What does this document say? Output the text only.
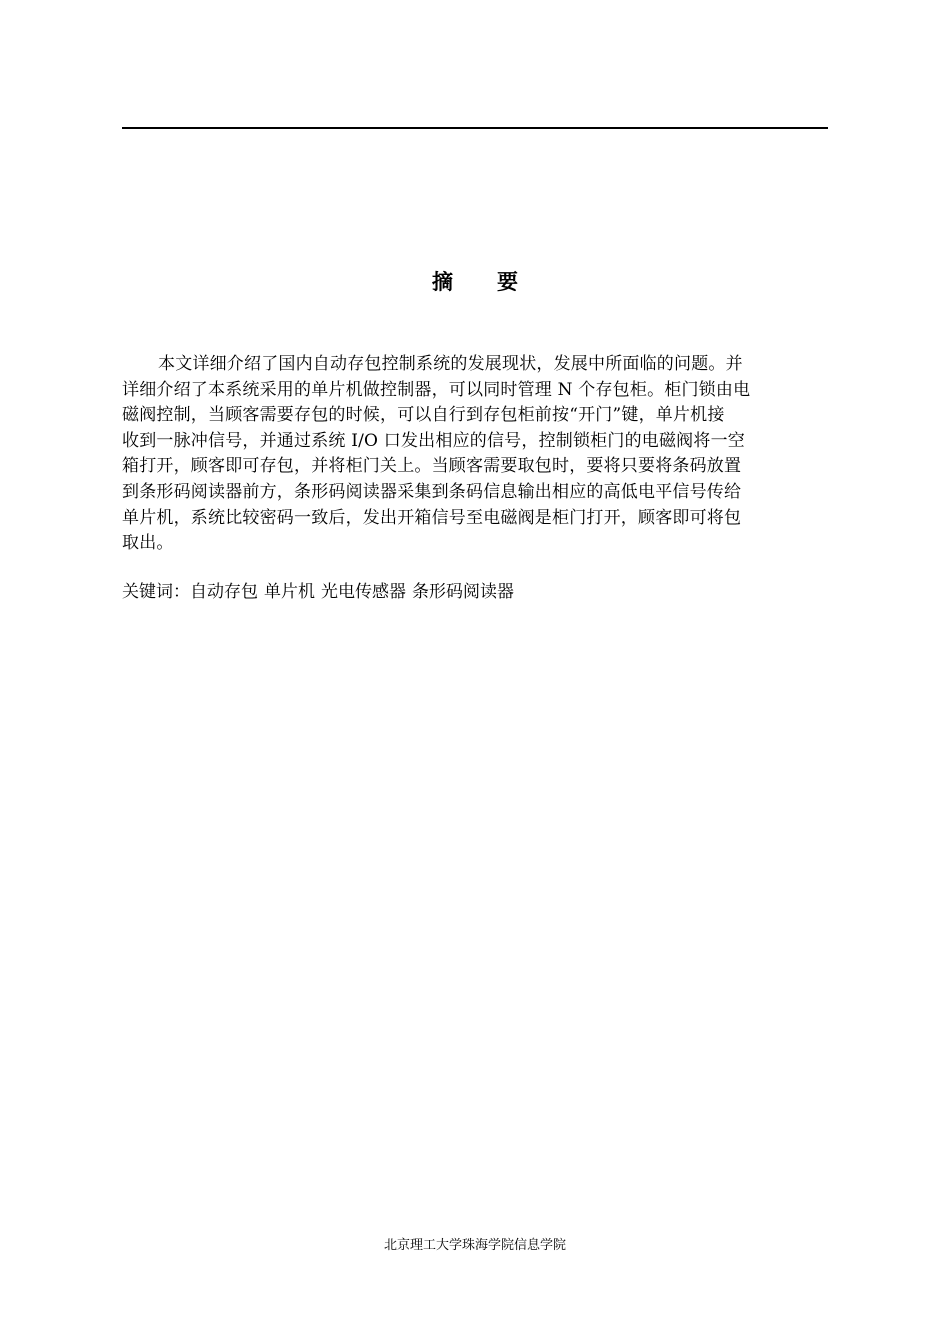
摘 要

本文详细介绍了国内自动存包控制系统的发展现状，发展中所面临的问题。并
详细介绍了本系统采用的单片机做控制器，可以同时管理 N 个存包柜。柜门锁由电
磁阀控制，当顾客需要存包的时候，可以自行到存包柜前按“开门”键，单片机接
收到一脉冲信号，并通过系统 I/O 口发出相应的信号，控制锁柜门的电磁阀将一空
箱打开，顾客即可存包，并将柜门关上。当顾客需要取包时，要将只要将条码放置
到条形码阅读器前方，条形码阅读器采集到条码信息输出相应的高低电平信号传给
单片机，系统比较密码一致后，发出开箱信号至电磁阀是柜门打开，顾客即可将包
取出。

关键词：自动存包 单片机 光电传感器 条形码阅读器
北京理工大学珠海学院信息学院
